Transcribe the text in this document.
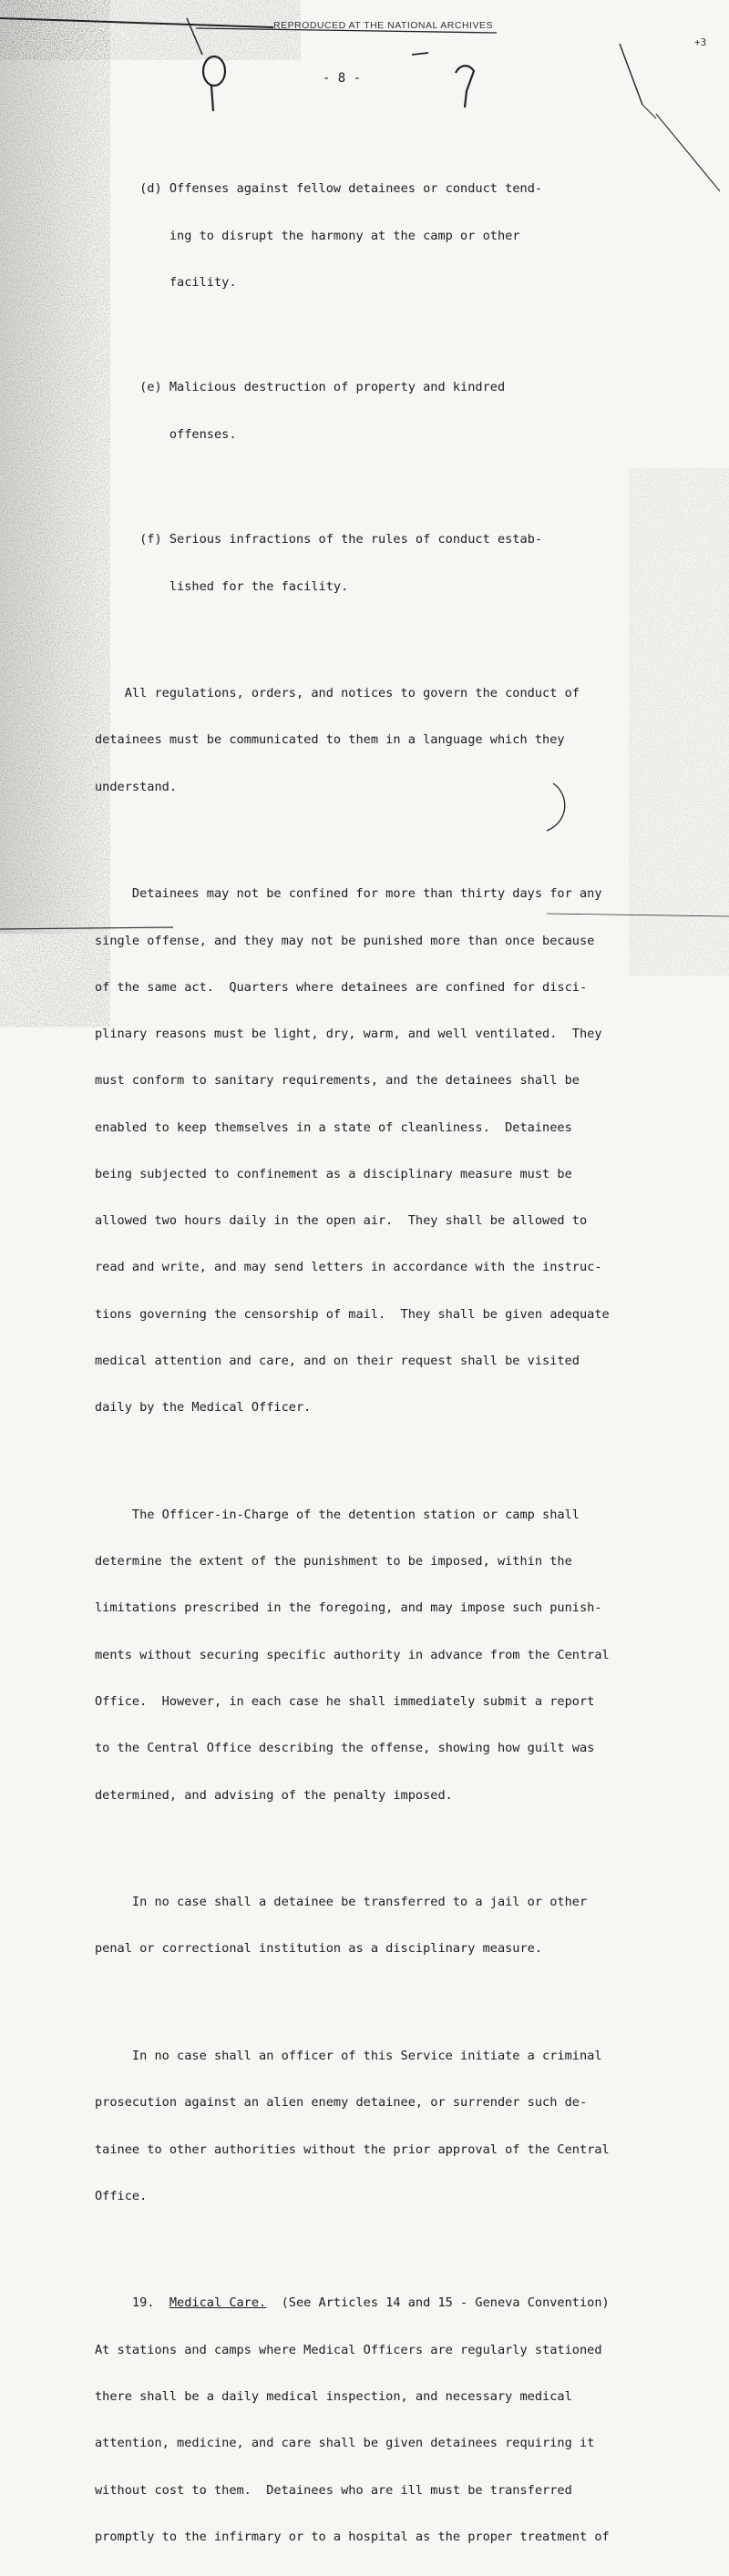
+3
REPRODUCED AT THE NATIONAL ARCHIVES
- 8 -

(d) Offenses against fellow detainees or conduct tend-

ing to disrupt the harmony at the camp or other

facility.

(e) Malicious destruction of property and kindred

offenses.

(f) Serious infractions of the rules of conduct estab-

lished for the facility.

All regulations, orders, and notices to govern the conduct of

detainees must be communicated to them in a language which they

understand.

Detainees may not be confined for more than thirty days for any

single offense, and they may not be punished more than once because

of the same act.  Quarters where detainees are confined for disci-

plinary reasons must be light, dry, warm, and well ventilated.  They

must conform to sanitary requirements, and the detainees shall be

enabled to keep themselves in a state of cleanliness.  Detainees

being subjected to confinement as a disciplinary measure must be

allowed two hours daily in the open air.  They shall be allowed to

read and write, and may send letters in accordance with the instruc-

tions governing the censorship of mail.  They shall be given adequate

medical attention and care, and on their request shall be visited

daily by the Medical Officer.

The Officer-in-Charge of the detention station or camp shall

determine the extent of the punishment to be imposed, within the

limitations prescribed in the foregoing, and may impose such punish-

ments without securing specific authority in advance from the Central

Office.  However, in each case he shall immediately submit a report

to the Central Office describing the offense, showing how guilt was

determined, and advising of the penalty imposed.

In no case shall a detainee be transferred to a jail or other

penal or correctional institution as a disciplinary measure.

In no case shall an officer of this Service initiate a criminal

prosecution against an alien enemy detainee, or surrender such de-

tainee to other authorities without the prior approval of the Central

Office.

19.  Medical Care.  (See Articles 14 and 15 - Geneva Convention)

At stations and camps where Medical Officers are regularly stationed

there shall be a daily medical inspection, and necessary medical

attention, medicine, and care shall be given detainees requiring it

without cost to them.  Detainees who are ill must be transferred

promptly to the infirmary or to a hospital as the proper treatment of
